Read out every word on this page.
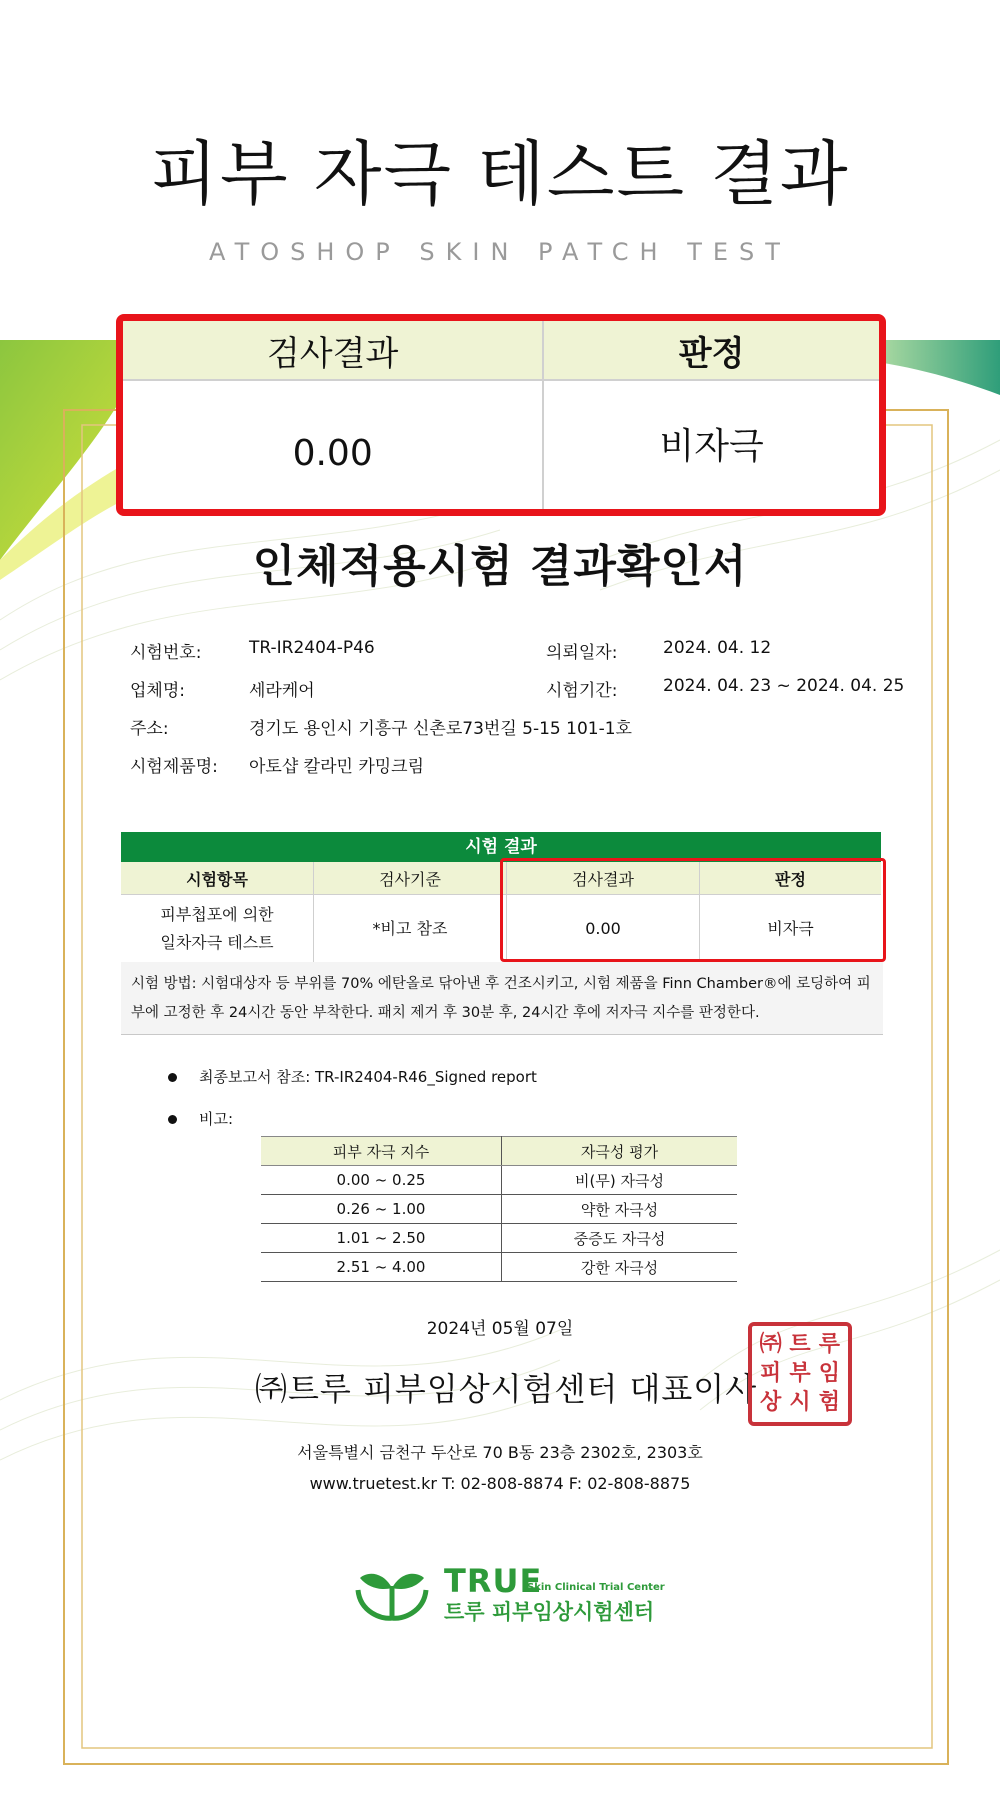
피부 자극 테스트 결과
ATOSHOP SKIN PATCH TEST
검사결과	판정
0.00	비자극
인체적용시험 결과확인서
시험번호:	TR-IR2404-P46	의뢰일자:	2024. 04. 12
업체명:	세라케어	시험기간:	2024. 04. 23 ~ 2024. 04. 25
주소:	경기도 용인시 기흥구 신촌로73번길 5-15 101-1호
시험제품명: 아토샵 칼라민 카밍크림
시험 결과
시험항목	검사기준	검사결과	판정

피부첩포에 의한
일차자극 테스트	*비고 참조	0.00	비자극
시험 방법: 시험대상자 등 부위를 70% 에탄올로 닦아낸 후 건조시키고, 시험 제품을 Finn Chamber®에 로딩하여 피부에 고정한 후 24시간 동안 부착한다. 패치 제거 후 30분 후, 24시간 후에 저자극 지수를 판정한다.
최종보고서 참조: TR-IR2404-R46_Signed report
비고:
피부 자극 지수	자극성 평가
0.00 ~ 0.25	비(무) 자극성
0.26 ~ 1.00	약한 자극성
1.01 ~ 2.50	중증도 자극성
2.51 ~ 4.00	강한 자극성
2024년 05월 07일
㈜트루 피부임상시험센터 대표이사
㈜ 트 루
피 부 임
상 시 험
서울특별시 금천구 두산로 70 B동 23층 2302호, 2303호
www.truetest.kr T: 02-808-8874 F: 02-808-8875
TRUE
Skin Clinical Trial Center
트루 피부임상시험센터
